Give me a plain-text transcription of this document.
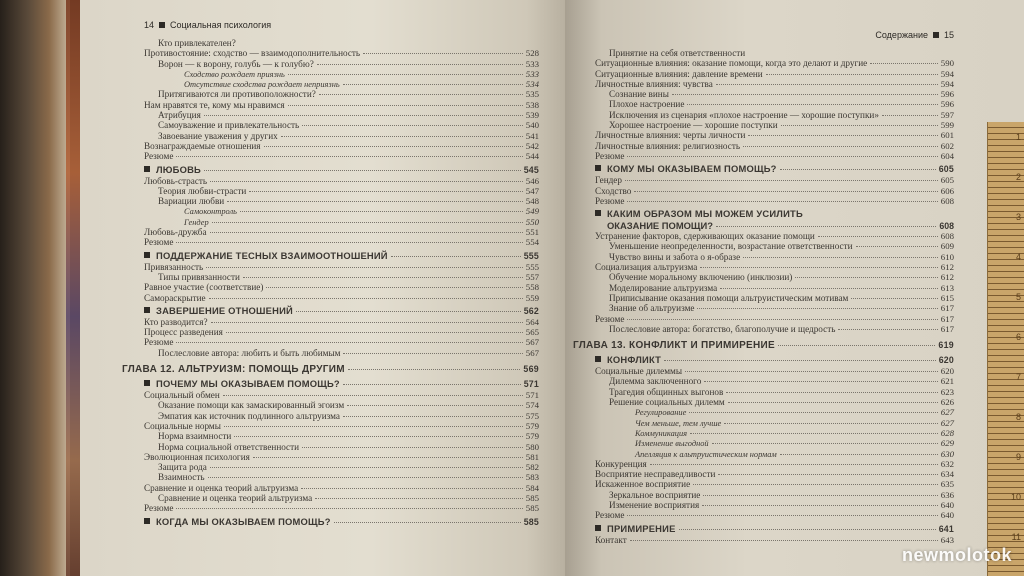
14 Социальная психология
Кто привлекателен?
Противостояние: сходство — взаимодополнительность	528
Ворон — к ворону, голубь — к голубю?	533
Сходство рождает приязнь	533
Отсутствие сходства рождает неприязнь	534
Притягиваются ли противоположности?	535
Нам нравятся те, кому мы нравимся	538
Атрибуция	539
Самоуважение и привлекательность	540
Завоевание уважения у других	541
Вознаграждаемые отношения	542
Резюме	544
ЛЮБОВЬ	545
Любовь-страсть	546
Теория любви-страсти	547
Вариации любви	548
Самоконтроль	549
Гендер	550
Любовь-дружба	551
Резюме	554
ПОДДЕРЖАНИЕ ТЕСНЫХ ВЗАИМООТНОШЕНИЙ	555
Привязанность	555
Типы привязанности	557
Равное участие (соответствие)	558
Самораскрытие	559
ЗАВЕРШЕНИЕ ОТНОШЕНИЙ	562
Кто разводится?	564
Процесс разведения	565
Резюме	567
Послесловие автора: любить и быть любимым	567
ГЛАВА 12. АЛЬТРУИЗМ: ПОМОЩЬ ДРУГИМ	569
ПОЧЕМУ МЫ ОКАЗЫВАЕМ ПОМОЩЬ?	571
Социальный обмен	571
Оказание помощи как замаскированный эгоизм	574
Эмпатия как источник подлинного альтруизма	575
Социальные нормы	579
Норма взаимности	579
Норма социальной ответственности	580
Эволюционная психология	581
Защита рода	582
Взаимность	583
Сравнение и оценка теорий альтруизма	584
Сравнение и оценка теорий альтруизма	585
Резюме	585
КОГДА МЫ ОКАЗЫВАЕМ ПОМОЩЬ?	585
Содержание 15
Принятие на себя ответственности
Ситуационные влияния: оказание помощи, когда это делают и другие	590
Ситуационные влияния: давление времени	594
Личностные влияния: чувства	594
Сознание вины	596
Плохое настроение	596
Исключения из сценария «плохое настроение — хорошие поступки»	597
Хорошее настроение — хорошие поступки	599
Личностные влияния: черты личности	601
Личностные влияния: религиозность	602
Резюме	604
КОМУ МЫ ОКАЗЫВАЕМ ПОМОЩЬ?	605
Гендер	605
Сходство	606
Резюме	608
КАКИМ ОБРАЗОМ МЫ МОЖЕМ УСИЛИТЬ
ОКАЗАНИЕ ПОМОЩИ?	608
Устранение факторов, сдерживающих оказание помощи	608
Уменьшение неопределенности, возрастание ответственности	609
Чувство вины и забота о я-образе	610
Социализация альтруизма	612
Обучение моральному включению (инклюзии)	612
Моделирование альтруизма	613
Приписывание оказания помощи альтруистическим мотивам	615
Знание об альтруизме	617
Резюме	617
Послесловие автора: богатство, благополучие и щедрость	617
ГЛАВА 13. КОНФЛИКТ И ПРИМИРЕНИЕ	619
КОНФЛИКТ	620
Социальные дилеммы	620
Дилемма заключенного	621
Трагедия общинных выгонов	623
Решение социальных дилемм	626
Регулирование	627
Чем меньше, тем лучше	627
Коммуникация	628
Изменение выгодной	629
Апелляция к альтруистическим нормам	630
Конкуренция	632
Восприятие несправедливости	634
Искаженное восприятие	635
Зеркальное восприятие	636
Изменение восприятия	640
Резюме	640
ПРИМИРЕНИЕ	641
Контакт	643
1
2
3
4
5
6
7
8
9
10
11
newmolotok
